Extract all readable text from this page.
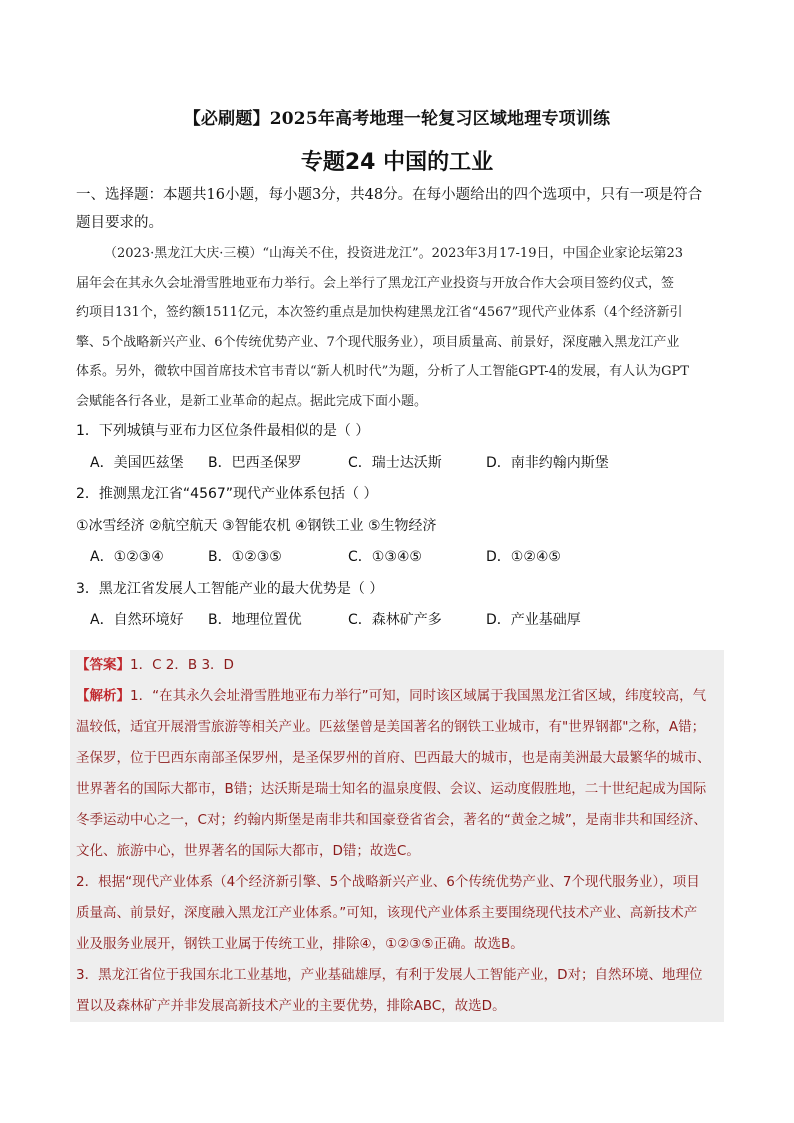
【必刷题】2025年高考地理一轮复习区域地理专项训练
专题24 中国的工业
一、选择题：本题共16小题，每小题3分，共48分。在每小题给出的四个选项中，只有一项是符合
题目要求的。
（2023·黑龙江大庆·三模）“山海关不住，投资进龙江”。2023年3月17-19日，中国企业家论坛第23
届年会在其永久会址滑雪胜地亚布力举行。会上举行了黑龙江产业投资与开放合作大会项目签约仪式，签
约项目131个，签约额1511亿元，本次签约重点是加快构建黑龙江省“4567”现代产业体系（4个经济新引
擎、5个战略新兴产业、6个传统优势产业、7个现代服务业），项目质量高、前景好，深度融入黑龙江产业
体系。另外，微软中国首席技术官韦青以“新人机时代”为题，分析了人工智能GPT-4的发展，有人认为GPT
会赋能各行各业，是新工业革命的起点。据此完成下面小题。
1．下列城镇与亚布力区位条件最相似的是（ ）
A．美国匹兹堡	B．巴西圣保罗	C．瑞士达沃斯	D．南非约翰内斯堡
2．推测黑龙江省“4567”现代产业体系包括（ ）
①冰雪经济 ②航空航天 ③智能农机 ④钢铁工业 ⑤生物经济
A．①②③④	B．①②③⑤	C．①③④⑤	D．①②④⑤
3．黑龙江省发展人工智能产业的最大优势是（ ）
A．自然环境好	B．地理位置优	C．森林矿产多	D．产业基础厚
【答案】1．C 2．B 3．D
【解析】1．“在其永久会址滑雪胜地亚布力举行”可知，同时该区域属于我国黑龙江省区域，纬度较高，气
温较低，适宜开展滑雪旅游等相关产业。匹兹堡曾是美国著名的钢铁工业城市，有"世界钢都"之称，A错；
圣保罗，位于巴西东南部圣保罗州，是圣保罗州的首府、巴西最大的城市，也是南美洲最大最繁华的城市、
世界著名的国际大都市，B错；达沃斯是瑞士知名的温泉度假、会议、运动度假胜地，二十世纪起成为国际
冬季运动中心之一，C对；约翰内斯堡是南非共和国豪登省省会，著名的“黄金之城”，是南非共和国经济、
文化、旅游中心，世界著名的国际大都市，D错；故选C。
2．根据“现代产业体系（4个经济新引擎、5个战略新兴产业、6个传统优势产业、7个现代服务业），项目
质量高、前景好，深度融入黑龙江产业体系。”可知，该现代产业体系主要围绕现代技术产业、高新技术产
业及服务业展开，钢铁工业属于传统工业，排除④，①②③⑤正确。故选B。
3．黑龙江省位于我国东北工业基地，产业基础雄厚，有利于发展人工智能产业，D对；自然环境、地理位
置以及森林矿产并非发展高新技术产业的主要优势，排除ABC，故选D。
